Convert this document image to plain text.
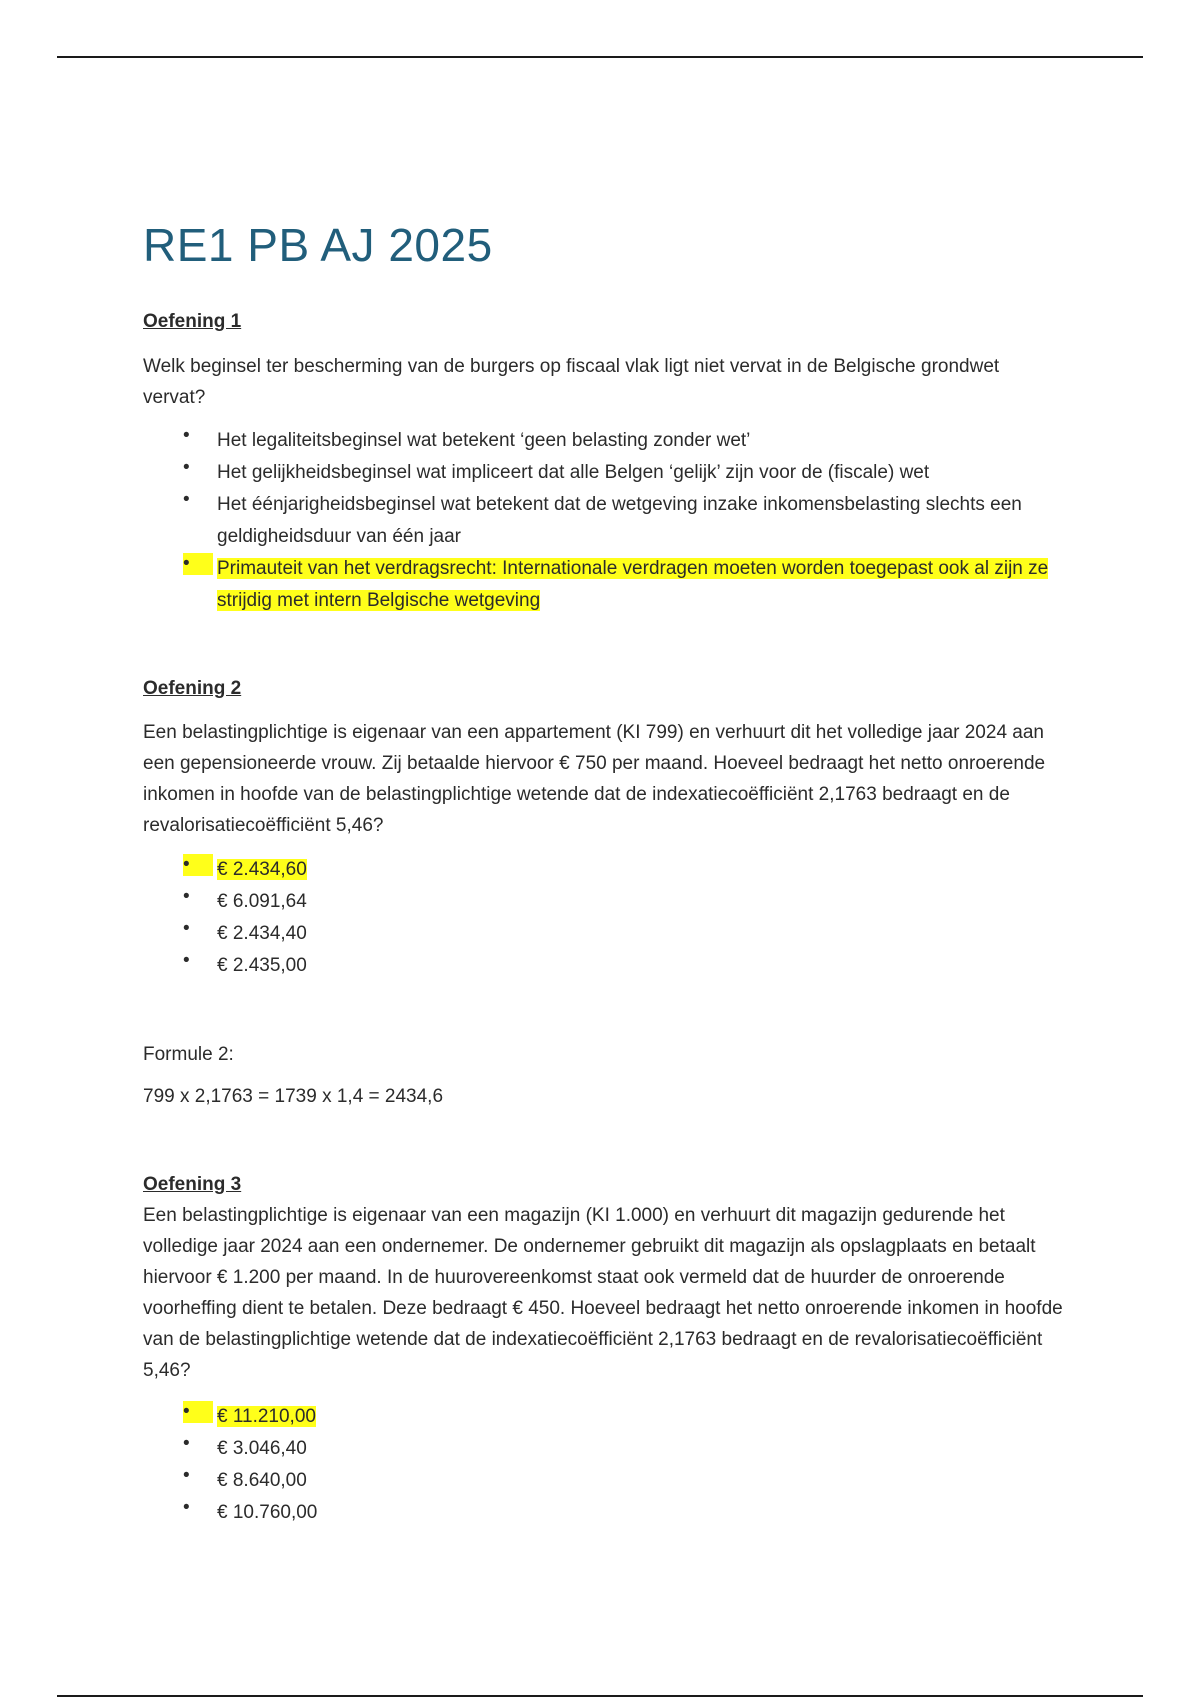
RE1 PB AJ 2025
Oefening 1

Welk beginsel ter bescherming van de burgers op fiscaal vlak ligt niet vervat in de Belgische grondwet vervat?

•	Het legaliteitsbeginsel wat betekent ‘geen belasting zonder wet’
•	Het gelijkheidsbeginsel wat impliceert dat alle Belgen ‘gelijk’ zijn voor de (fiscale) wet
•	Het éénjarigheidsbeginsel wat betekent dat de wetgeving inzake inkomensbelasting slechts een geldigheidsduur van één jaar
•	Primauteit van het verdragsrecht: Internationale verdragen moeten worden toegepast ook al zijn ze strijdig met intern Belgische wetgeving
Oefening 2

Een belastingplichtige is eigenaar van een appartement (KI 799) en verhuurt dit het volledige jaar 2024 aan een gepensioneerde vrouw. Zij betaalde hiervoor € 750 per maand. Hoeveel bedraagt het netto onroerende inkomen in hoofde van de belastingplichtige wetende dat de indexatiecoëfficiënt 2,1763 bedraagt en de revalorisatiecoëfficiënt 5,46?

•	€ 2.434,60
•	€ 6.091,64
•	€ 2.434,40
•	€ 2.435,00
Formule 2:
799 x 2,1763 = 1739 x 1,4 = 2434,6
Oefening 3

Een belastingplichtige is eigenaar van een magazijn (KI 1.000) en verhuurt dit magazijn gedurende het volledige jaar 2024 aan een ondernemer. De ondernemer gebruikt dit magazijn als opslagplaats en betaalt hiervoor € 1.200 per maand. In de huurovereenkomst staat ook vermeld dat de huurder de onroerende voorheffing dient te betalen. Deze bedraagt € 450. Hoeveel bedraagt het netto onroerende inkomen in hoofde van de belastingplichtige wetende dat de indexatiecoëfficiënt 2,1763 bedraagt en de revalorisatiecoëfficiënt 5,46?

•	€ 11.210,00
•	€ 3.046,40
•	€ 8.640,00
•	€ 10.760,00
